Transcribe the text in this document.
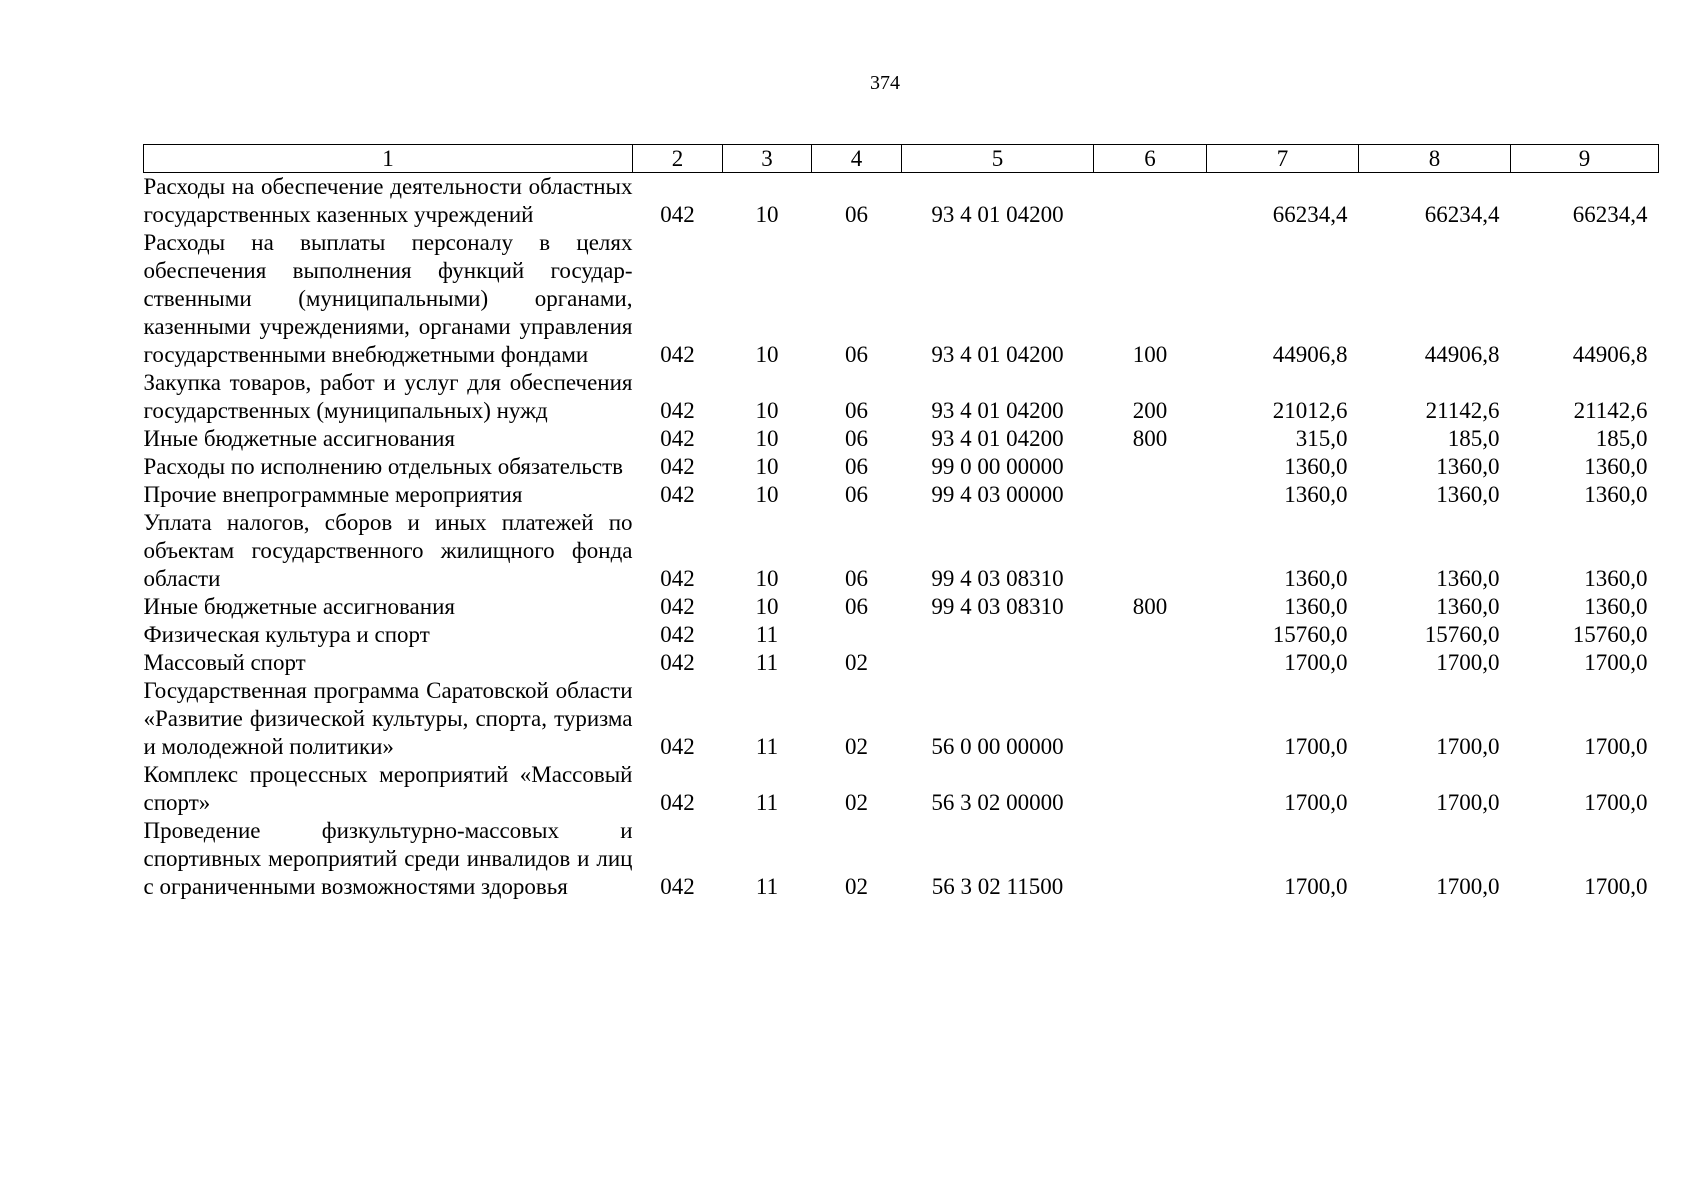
374
1	2	3	4	5	6	7	8	9
Расходы на обеспечение деятельности областных государственных казенных учреждений	042	10	06	93 4 01 04200		66234,4	66234,4	66234,4
Расходы на выплаты персоналу в целях обеспечения выполнения функций государственными (муниципальными) органами, казенными учреждениями, органами управления государственными внебюджетными фондами	042	10	06	93 4 01 04200	100	44906,8	44906,8	44906,8
Закупка товаров, работ и услуг для обеспечения государственных (муниципальных) нужд	042	10	06	93 4 01 04200	200	21012,6	21142,6	21142,6
Иные бюджетные ассигнования	042	10	06	93 4 01 04200	800	315,0	185,0	185,0
Расходы по исполнению отдельных обязательств	042	10	06	99 0 00 00000		1360,0	1360,0	1360,0
Прочие внепрограммные мероприятия	042	10	06	99 4 03 00000		1360,0	1360,0	1360,0
Уплата налогов, сборов и иных платежей по объектам государственного жилищного фонда области	042	10	06	99 4 03 08310		1360,0	1360,0	1360,0
Иные бюджетные ассигнования	042	10	06	99 4 03 08310	800	1360,0	1360,0	1360,0
Физическая культура и спорт	042	11				15760,0	15760,0	15760,0
Массовый спорт	042	11	02			1700,0	1700,0	1700,0
Государственная программа Саратовской области «Развитие физической культуры, спорта, туризма и молодежной политики»	042	11	02	56 0 00 00000		1700,0	1700,0	1700,0
Комплекс процессных мероприятий «Массовый спорт»	042	11	02	56 3 02 00000		1700,0	1700,0	1700,0
Проведение физкультурно-массовых и спортивных мероприятий среди инвалидов и лиц с ограниченными возможностями здоровья	042	11	02	56 3 02 11500		1700,0	1700,0	1700,0
